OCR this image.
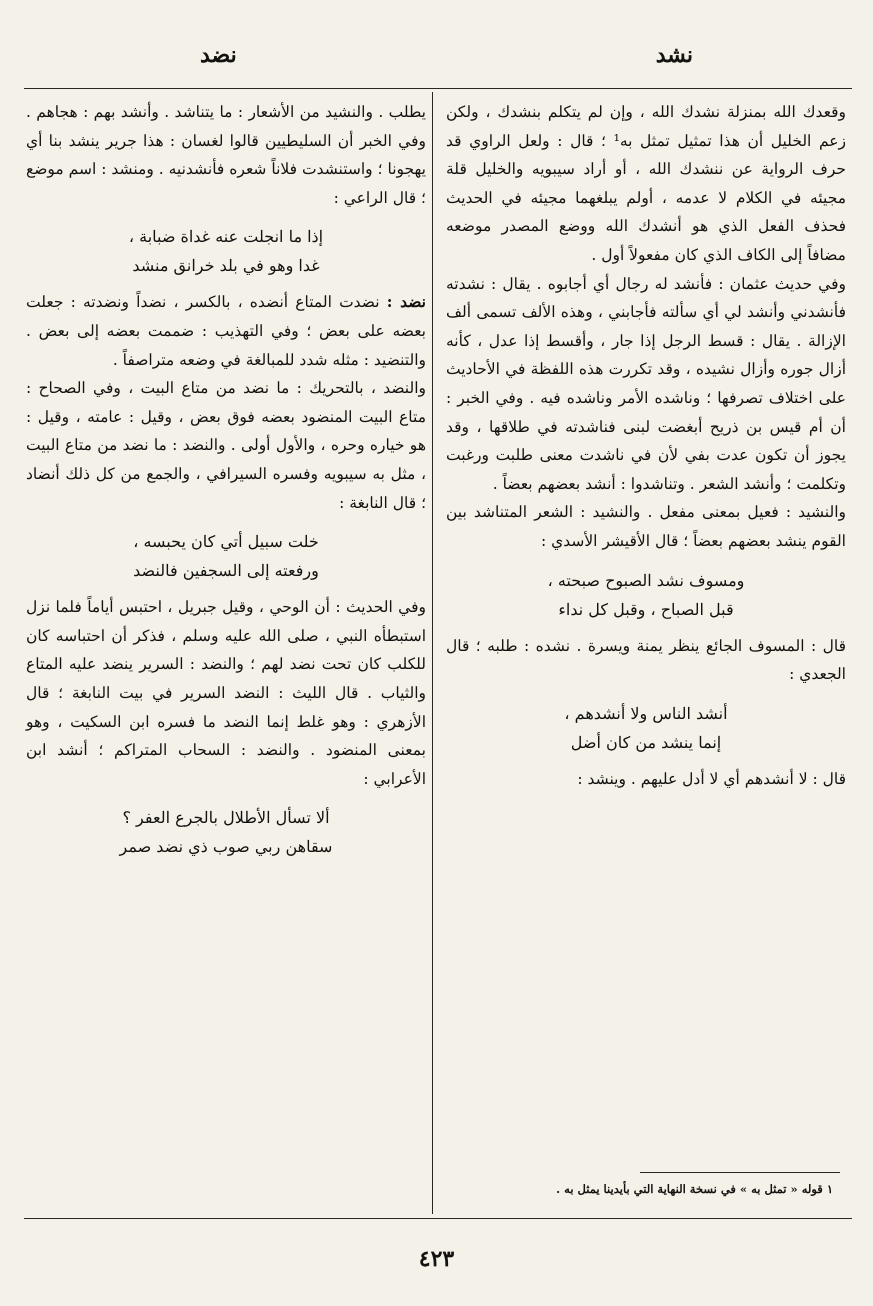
نشد
نضد

وقعدك الله بمنزلة نشدك الله ، وإن لم يتكلم بنشدك ، ولكن زعم الخليل أن هذا تمثيل تمثل به¹ ؛ قال : ولعل الراوي قد حرف الرواية عن ننشدك الله ، أو أراد سيبويه والخليل قلة مجيئه في الكلام لا عدمه ، أولم يبلغهما مجيئه في الحديث فحذف الفعل الذي هو أنشدك الله ووضع المصدر موضعه مضافاً إلى الكاف الذي كان مفعولاً أول .

وفي حديث عثمان : فأنشد له رجال أي أجابوه . يقال : نشدته فأنشدني وأنشد لي أي سألته فأجابني ، وهذه الألف تسمى ألف الإزالة . يقال : قسط الرجل إذا جار ، وأقسط إذا عدل ، كأنه أزال جوره وأزال نشيده ، وقد تكررت هذه اللفظة في الأحاديث على اختلاف تصرفها ؛ وناشده الأمر وناشده فيه . وفي الخبر : أن أم قيس بن ذريح أبغضت لبنى فناشدته في طلاقها ، وقد يجوز أن تكون عدت بفي لأن في ناشدت معنى طلبت ورغبت وتكلمت ؛ وأنشد الشعر . وتناشدوا : أنشد بعضهم بعضاً .

والنشيد : فعيل بمعنى مفعل . والنشيد : الشعر المتناشد بين القوم ينشد بعضهم بعضاً ؛ قال الأقيشر الأسدي :

ومسوف نشد الصبوح صبحته ،
قبل الصباح ، وقبل كل نداء

قال : المسوف الجائع ينظر يمنة ويسرة . نشده : طلبه ؛ قال الجعدي :

أنشد الناس ولا أنشدهم ،
إنما ينشد من كان أضل

قال : لا أنشدهم أي لا أدل عليهم . وينشد :

يطلب . والنشيد من الأشعار : ما يتناشد . وأنشد بهم : هجاهم . وفي الخبر أن السليطيين قالوا لغسان : هذا جرير ينشد بنا أي يهجونا ؛ واستنشدت فلاناً شعره فأنشدنيه . ومنشد : اسم موضع ؛ قال الراعي :

إذا ما انجلت عنه غداة ضبابة ،
غدا وهو في بلد خرانق منشد

نضد : نضدت المتاع أنضده ، بالكسر ، نضداً ونضدته : جعلت بعضه على بعض ؛ وفي التهذيب : ضممت بعضه إلى بعض . والتنضيد : مثله شدد للمبالغة في وضعه متراصفاً .

والنضد ، بالتحريك : ما نضد من متاع البيت ، وفي الصحاح : متاع البيت المنضود بعضه فوق بعض ، وقيل : عامته ، وقيل : هو خياره وحره ، والأول أولى . والنضد : ما نضد من متاع البيت ، مثل به سيبويه وفسره السيرافي ، والجمع من كل ذلك أنضاد ؛ قال النابغة :

خلت سبيل أتي كان يحبسه ،
ورفعته إلى السجفين فالنضد

وفي الحديث : أن الوحي ، وقيل جبريل ، احتبس أياماً فلما نزل استبطأه النبي ، صلى الله عليه وسلم ، فذكر أن احتباسه كان للكلب كان تحت نضد لهم ؛ والنضد : السرير ينضد عليه المتاع والثياب . قال الليث : النضد السرير في بيت النابغة ؛ قال الأزهري : وهو غلط إنما النضد ما فسره ابن السكيت ، وهو بمعنى المنضود . والنضد : السحاب المتراكم ؛ أنشد ابن الأعرابي :

ألا تسأل الأطلال بالجرع العفر ؟
سقاهن ربي صوب ذي نضد صمر
١ قوله « تمثل به » في نسخة النهاية التي بأيدينا يمثل به .
٤٢٣
